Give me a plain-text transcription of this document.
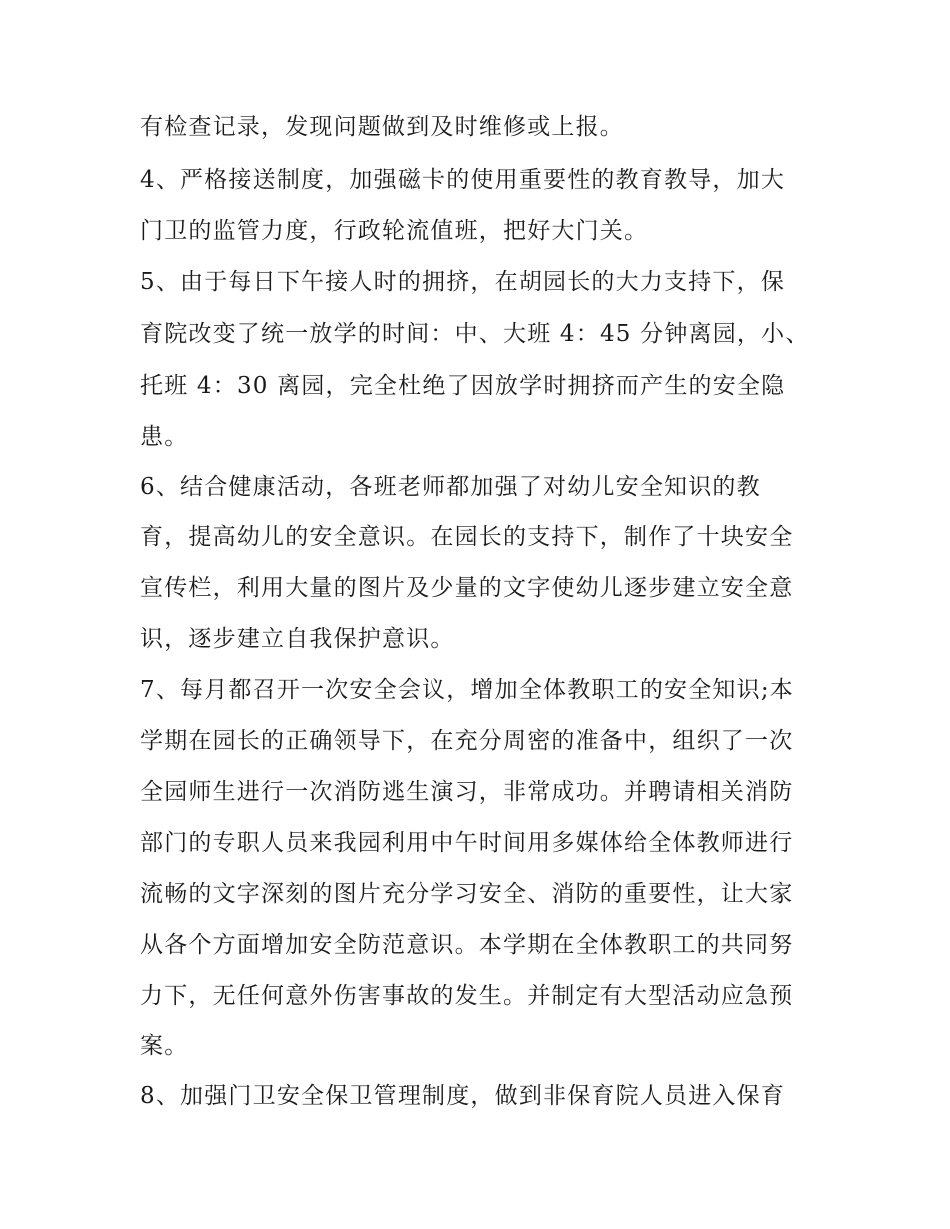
有检查记录，发现问题做到及时维修或上报。
4、严格接送制度，加强磁卡的使用重要性的教育教导，加大
门卫的监管力度，行政轮流值班，把好大门关。
5、由于每日下午接人时的拥挤，在胡园长的大力支持下，保
育院改变了统一放学的时间：中、大班 4：45 分钟离园，小、
托班 4：30 离园，完全杜绝了因放学时拥挤而产生的安全隐
患。
6、结合健康活动，各班老师都加强了对幼儿安全知识的教
育，提高幼儿的安全意识。在园长的支持下，制作了十块安全
宣传栏，利用大量的图片及少量的文字使幼儿逐步建立安全意
识，逐步建立自我保护意识。
7、每月都召开一次安全会议，增加全体教职工的安全知识;本
学期在园长的正确领导下，在充分周密的准备中，组织了一次
全园师生进行一次消防逃生演习，非常成功。并聘请相关消防
部门的专职人员来我园利用中午时间用多媒体给全体教师进行
流畅的文字深刻的图片充分学习安全、消防的重要性，让大家
从各个方面增加安全防范意识。本学期在全体教职工的共同努
力下，无任何意外伤害事故的发生。并制定有大型活动应急预
案。
8、加强门卫安全保卫管理制度，做到非保育院人员进入保育
